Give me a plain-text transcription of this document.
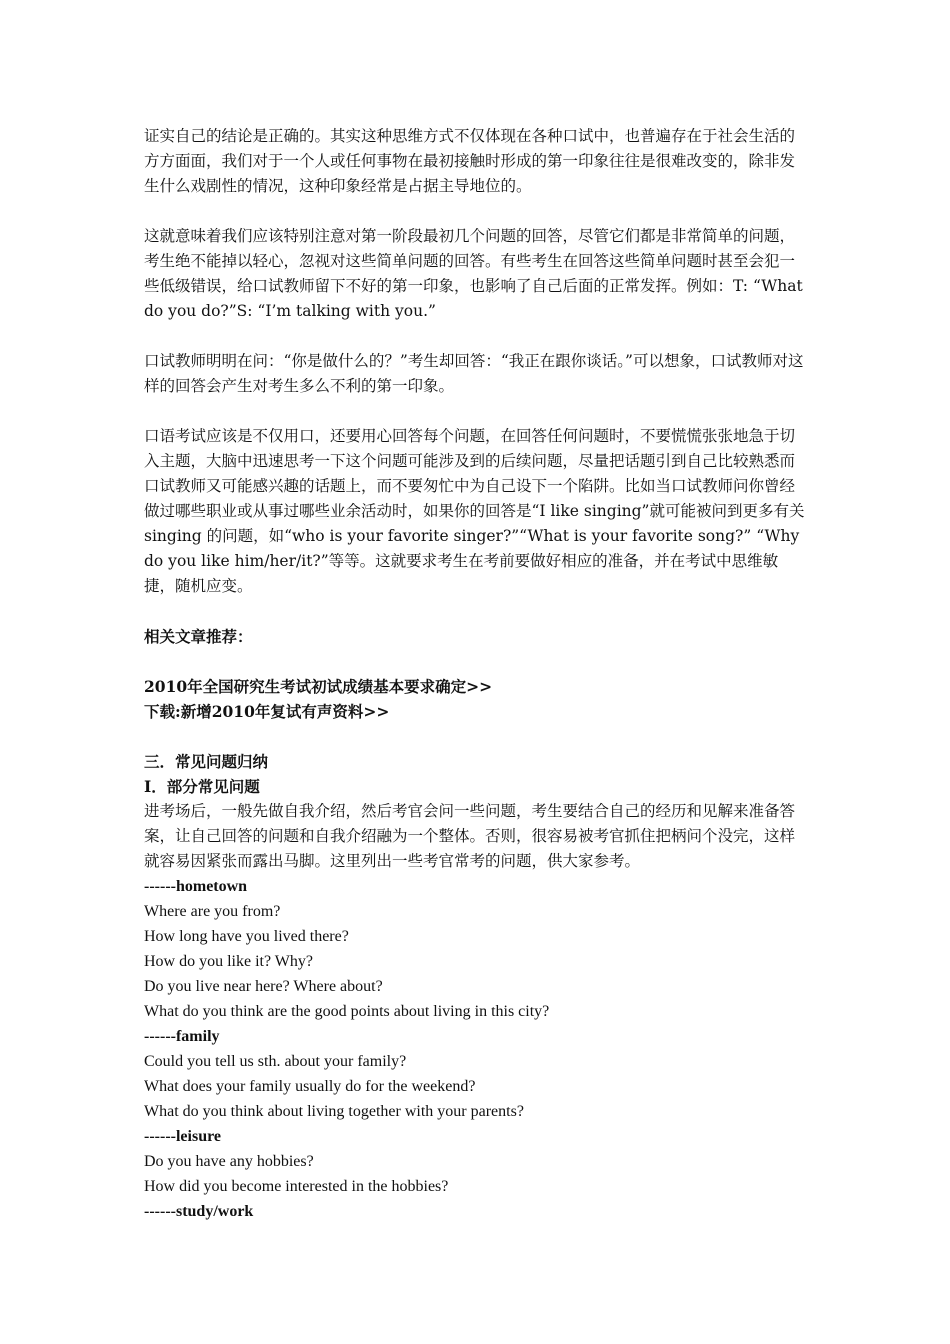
证实自己的结论是正确的。其实这种思维方式不仅体现在各种口试中，也普遍存在于社会生活的方方面面，我们对于一个人或任何事物在最初接触时形成的第一印象往往是很难改变的，除非发生什么戏剧性的情况，这种印象经常是占据主导地位的。

这就意味着我们应该特别注意对第一阶段最初几个问题的回答，尽管它们都是非常简单的问题，考生绝不能掉以轻心，忽视对这些简单问题的回答。有些考生在回答这些简单问题时甚至会犯一些低级错误，给口试教师留下不好的第一印象，也影响了自己后面的正常发挥。例如：T: “What do you do?”S: “I’m talking with you.”

口试教师明明在问：“你是做什么的？”考生却回答：“我正在跟你谈话。”可以想象，口试教师对这样的回答会产生对考生多么不利的第一印象。

口语考试应该是不仅用口，还要用心回答每个问题，在回答任何问题时，不要慌慌张张地急于切入主题，大脑中迅速思考一下这个问题可能涉及到的后续问题，尽量把话题引到自己比较熟悉而口试教师又可能感兴趣的话题上，而不要匆忙中为自己设下一个陷阱。比如当口试教师问你曾经做过哪些职业或从事过哪些业余活动时，如果你的回答是“I like singing”就可能被问到更多有关singing 的问题，如“who is your favorite singer?”“What is your favorite song?” “Why do you like him/her/it?”等等。这就要求考生在考前要做好相应的准备，并在考试中思维敏捷，随机应变。

相关文章推荐：

2010年全国研究生考试初试成绩基本要求确定>>
下载:新增2010年复试有声资料>>

三．常见问题归纳

Ⅰ．部分常见问题

进考场后，一般先做自我介绍，然后考官会问一些问题，考生要结合自己的经历和见解来准备答案，让自己回答的问题和自我介绍融为一个整体。否则，很容易被考官抓住把柄问个没完，这样就容易因紧张而露出马脚。这里列出一些考官常考的问题，供大家参考。

------hometown

Where are you from?

How long have you lived there?

How do you like it? Why?

Do you live near here? Where about?

What do you think are the good points about living in this city?

------family

Could you tell us sth. about your family?

What does your family usually do for the weekend?

What do you think about living together with your parents?

------leisure

Do you have any hobbies?

How did you become interested in the hobbies?

------study/work
